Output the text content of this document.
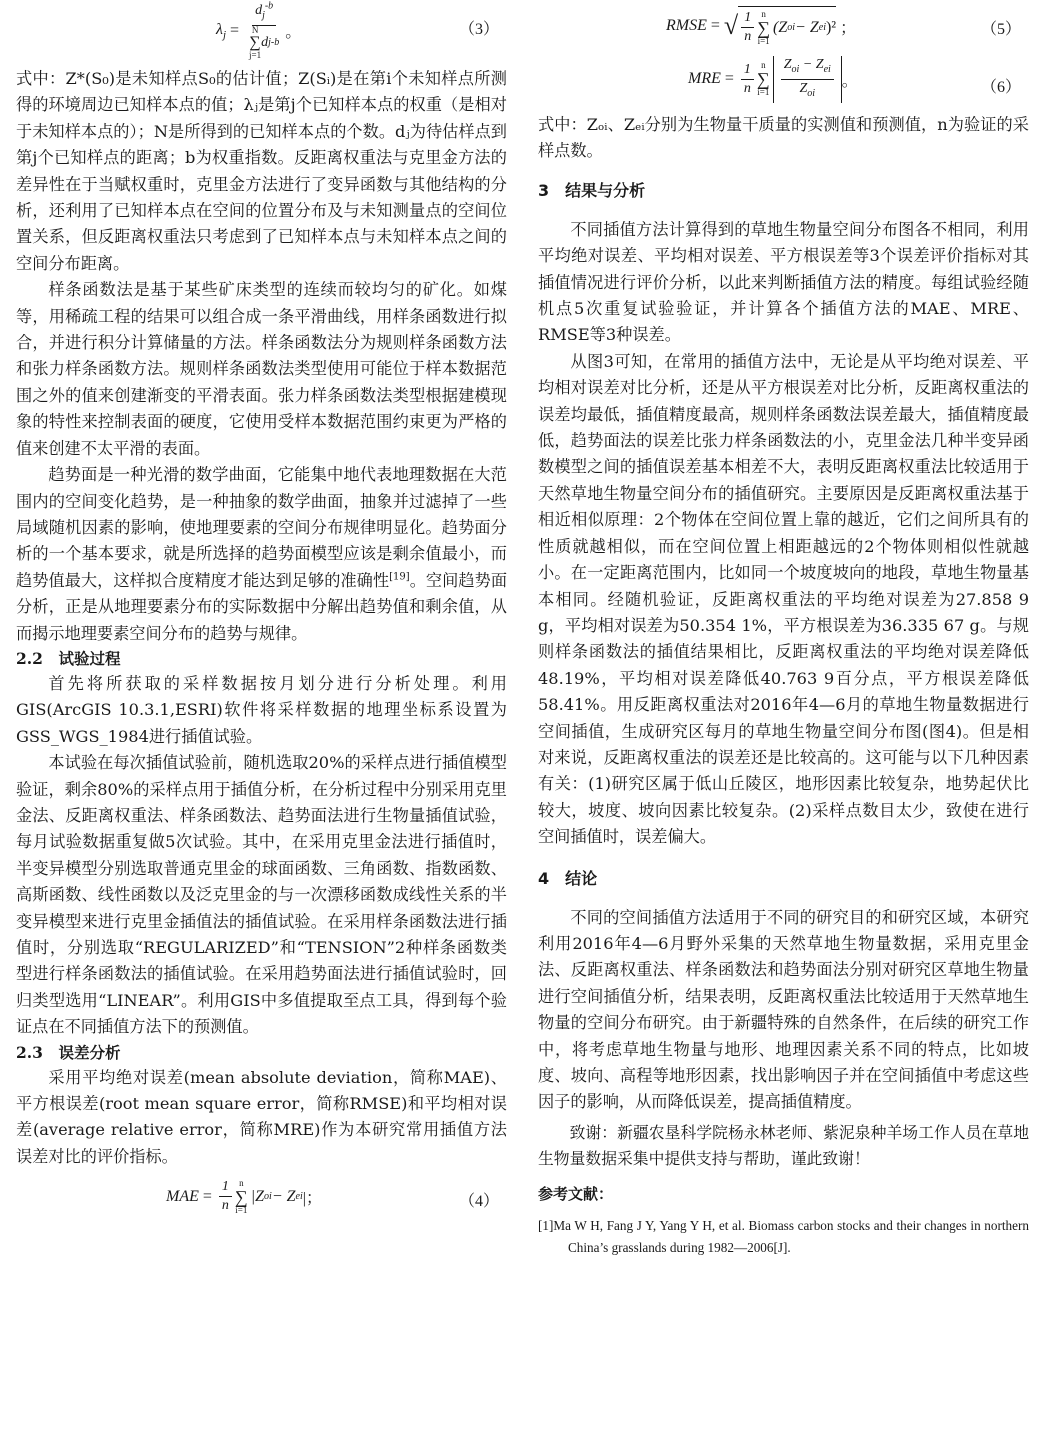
$\lambda_j = d_j^{-b}$
N
∑
j=1
d j -b 。	（3）

式中：Z*(S₀)是未知样点S₀的估计值；Z(Sᵢ)是在第i个未知样点所测得的环境周边已知样本点的值；λⱼ是第j个已知样本点的权重（是相对于未知样本点的）；N是所得到的已知样本点的个数。dⱼ为待估样点到第j个已知样点的距离；b为权重指数。反距离权重法与克里金方法的差异性在于当赋权重时，克里金方法进行了变异函数与其他结构的分析，还利用了已知样本点在空间的位置分布及与未知测量点的空间位置关系，但反距离权重法只考虑到了已知样本点与未知样本点之间的空间分布距离。

样条函数法是基于某些矿床类型的连续而较均匀的矿化。如煤等，用稀疏工程的结果可以组合成一条平滑曲线，用样条函数进行拟合，并进行积分计算储量的方法。样条函数法分为规则样条函数方法和张力样条函数方法。规则样条函数法类型使用可能位于样本数据范围之外的值来创建渐变的平滑表面。张力样条函数法类型根据建模现象的特性来控制表面的硬度，它使用受样本数据范围约束更为严格的值来创建不太平滑的表面。

趋势面是一种光滑的数学曲面，它能集中地代表地理数据在大范围内的空间变化趋势，是一种抽象的数学曲面，抽象并过滤掉了一些局域随机因素的影响，使地理要素的空间分布规律明显化。趋势面分析的一个基本要求，就是所选择的趋势面模型应该是剩余值最小，而趋势值最大，这样拟合度精度才能达到足够的准确性[19]。空间趋势面分析，正是从地理要素分布的实际数据中分解出趋势值和剩余值，从而揭示地理要素空间分布的趋势与规律。

2.2　试验过程

首先将所获取的采样数据按月划分进行分析处理。利用GIS(ArcGIS 10.3.1,ESRI)软件将采样数据的地理坐标系设置为GSS_WGS_1984进行插值试验。

本试验在每次插值试验前，随机选取20%的采样点进行插值模型验证，剩余80%的采样点用于插值分析，在分析过程中分别采用克里金法、反距离权重法、样条函数法、趋势面法进行生物量插值试验，每月试验数据重复做5次试验。其中，在采用克里金法进行插值时，半变异模型分别选取普通克里金的球面函数、三角函数、指数函数、高斯函数、线性函数以及泛克里金的与一次漂移函数成线性关系的半变异模型来进行克里金插值法的插值试验。在采用样条函数法进行插值时，分别选取“REGULARIZED”和“TENSION”2种样条函数类型进行样条函数法的插值试验。在采用趋势面法进行插值试验时，回归类型选用“LINEAR”。利用GIS中多值提取至点工具，得到每个验证点在不同插值方法下的预测值。

2.3　误差分析

采用平均绝对误差(mean absolute deviation，简称MAE)、平方根误差(root mean square error，简称RMSE)和平均相对误差(average relative error，简称MRE)作为本研究常用插值方法误差对比的评价指标。

MAE = $\frac{1}{n}$ n
∑
i=1
|Z oi − Z ei |；	（4）
RMSE = √ $\frac{1}{n}$ n
∑
i=1
(Z oi − Z ei )² ；	（5）
MRE = $\frac{1}{n}$ n
∑
$i=1 \frac{Z_{oi} - Z_{ei}}{Z_{oi}}$ 。	（6）

式中：Zₒᵢ、Zₑᵢ分别为生物量干质量的实测值和预测值，n为验证的采样点数。

3　结果与分析

不同插值方法计算得到的草地生物量空间分布图各不相同，利用平均绝对误差、平均相对误差、平方根误差等3个误差评价指标对其插值情况进行评价分析，以此来判断插值方法的精度。每组试验经随机点5次重复试验验证，并计算各个插值方法的MAE、MRE、RMSE等3种误差。

从图3可知，在常用的插值方法中，无论是从平均绝对误差、平均相对误差对比分析，还是从平方根误差对比分析，反距离权重法的误差均最低，插值精度最高，规则样条函数法误差最大，插值精度最低，趋势面法的误差比张力样条函数法的小，克里金法几种半变异函数模型之间的插值误差基本相差不大，表明反距离权重法比较适用于天然草地生物量空间分布的插值研究。主要原因是反距离权重法基于相近相似原理：2个物体在空间位置上靠的越近，它们之间所具有的性质就越相似，而在空间位置上相距越远的2个物体则相似性就越小。在一定距离范围内，比如同一个坡度坡向的地段，草地生物量基本相同。经随机验证，反距离权重法的平均绝对误差为27.858 9 g，平均相对误差为50.354 1%，平方根误差为36.335 67 g。与规则样条函数法的插值结果相比，反距离权重法的平均绝对误差降低48.19%，平均相对误差降低40.763 9百分点，平方根误差降低58.41%。用反距离权重法对2016年4—6月的草地生物量数据进行空间插值，生成研究区每月的草地生物量空间分布图(图4)。但是相对来说，反距离权重法的误差还是比较高的。这可能与以下几种因素有关：(1)研究区属于低山丘陵区，地形因素比较复杂，地势起伏比较大，坡度、坡向因素比较复杂。(2)采样点数目太少，致使在进行空间插值时，误差偏大。

4　结论

不同的空间插值方法适用于不同的研究目的和研究区域，本研究利用2016年4—6月野外采集的天然草地生物量数据，采用克里金法、反距离权重法、样条函数法和趋势面法分别对研究区草地生物量进行空间插值分析，结果表明，反距离权重法比较适用于天然草地生物量的空间分布研究。由于新疆特殊的自然条件，在后续的研究工作中，将考虑草地生物量与地形、地理因素关系不同的特点，比如坡度、坡向、高程等地形因素，找出影响因子并在空间插值中考虑这些因子的影响，从而降低误差，提高插值精度。

致谢：新疆农垦科学院杨永林老师、紫泥泉种羊场工作人员在草地生物量数据采集中提供支持与帮助，谨此致谢！

参考文献：

[1]Ma W H, Fang J Y, Yang Y H, et al. Biomass carbon stocks and their changes in northern China’s grasslands during 1982—2006[J].
